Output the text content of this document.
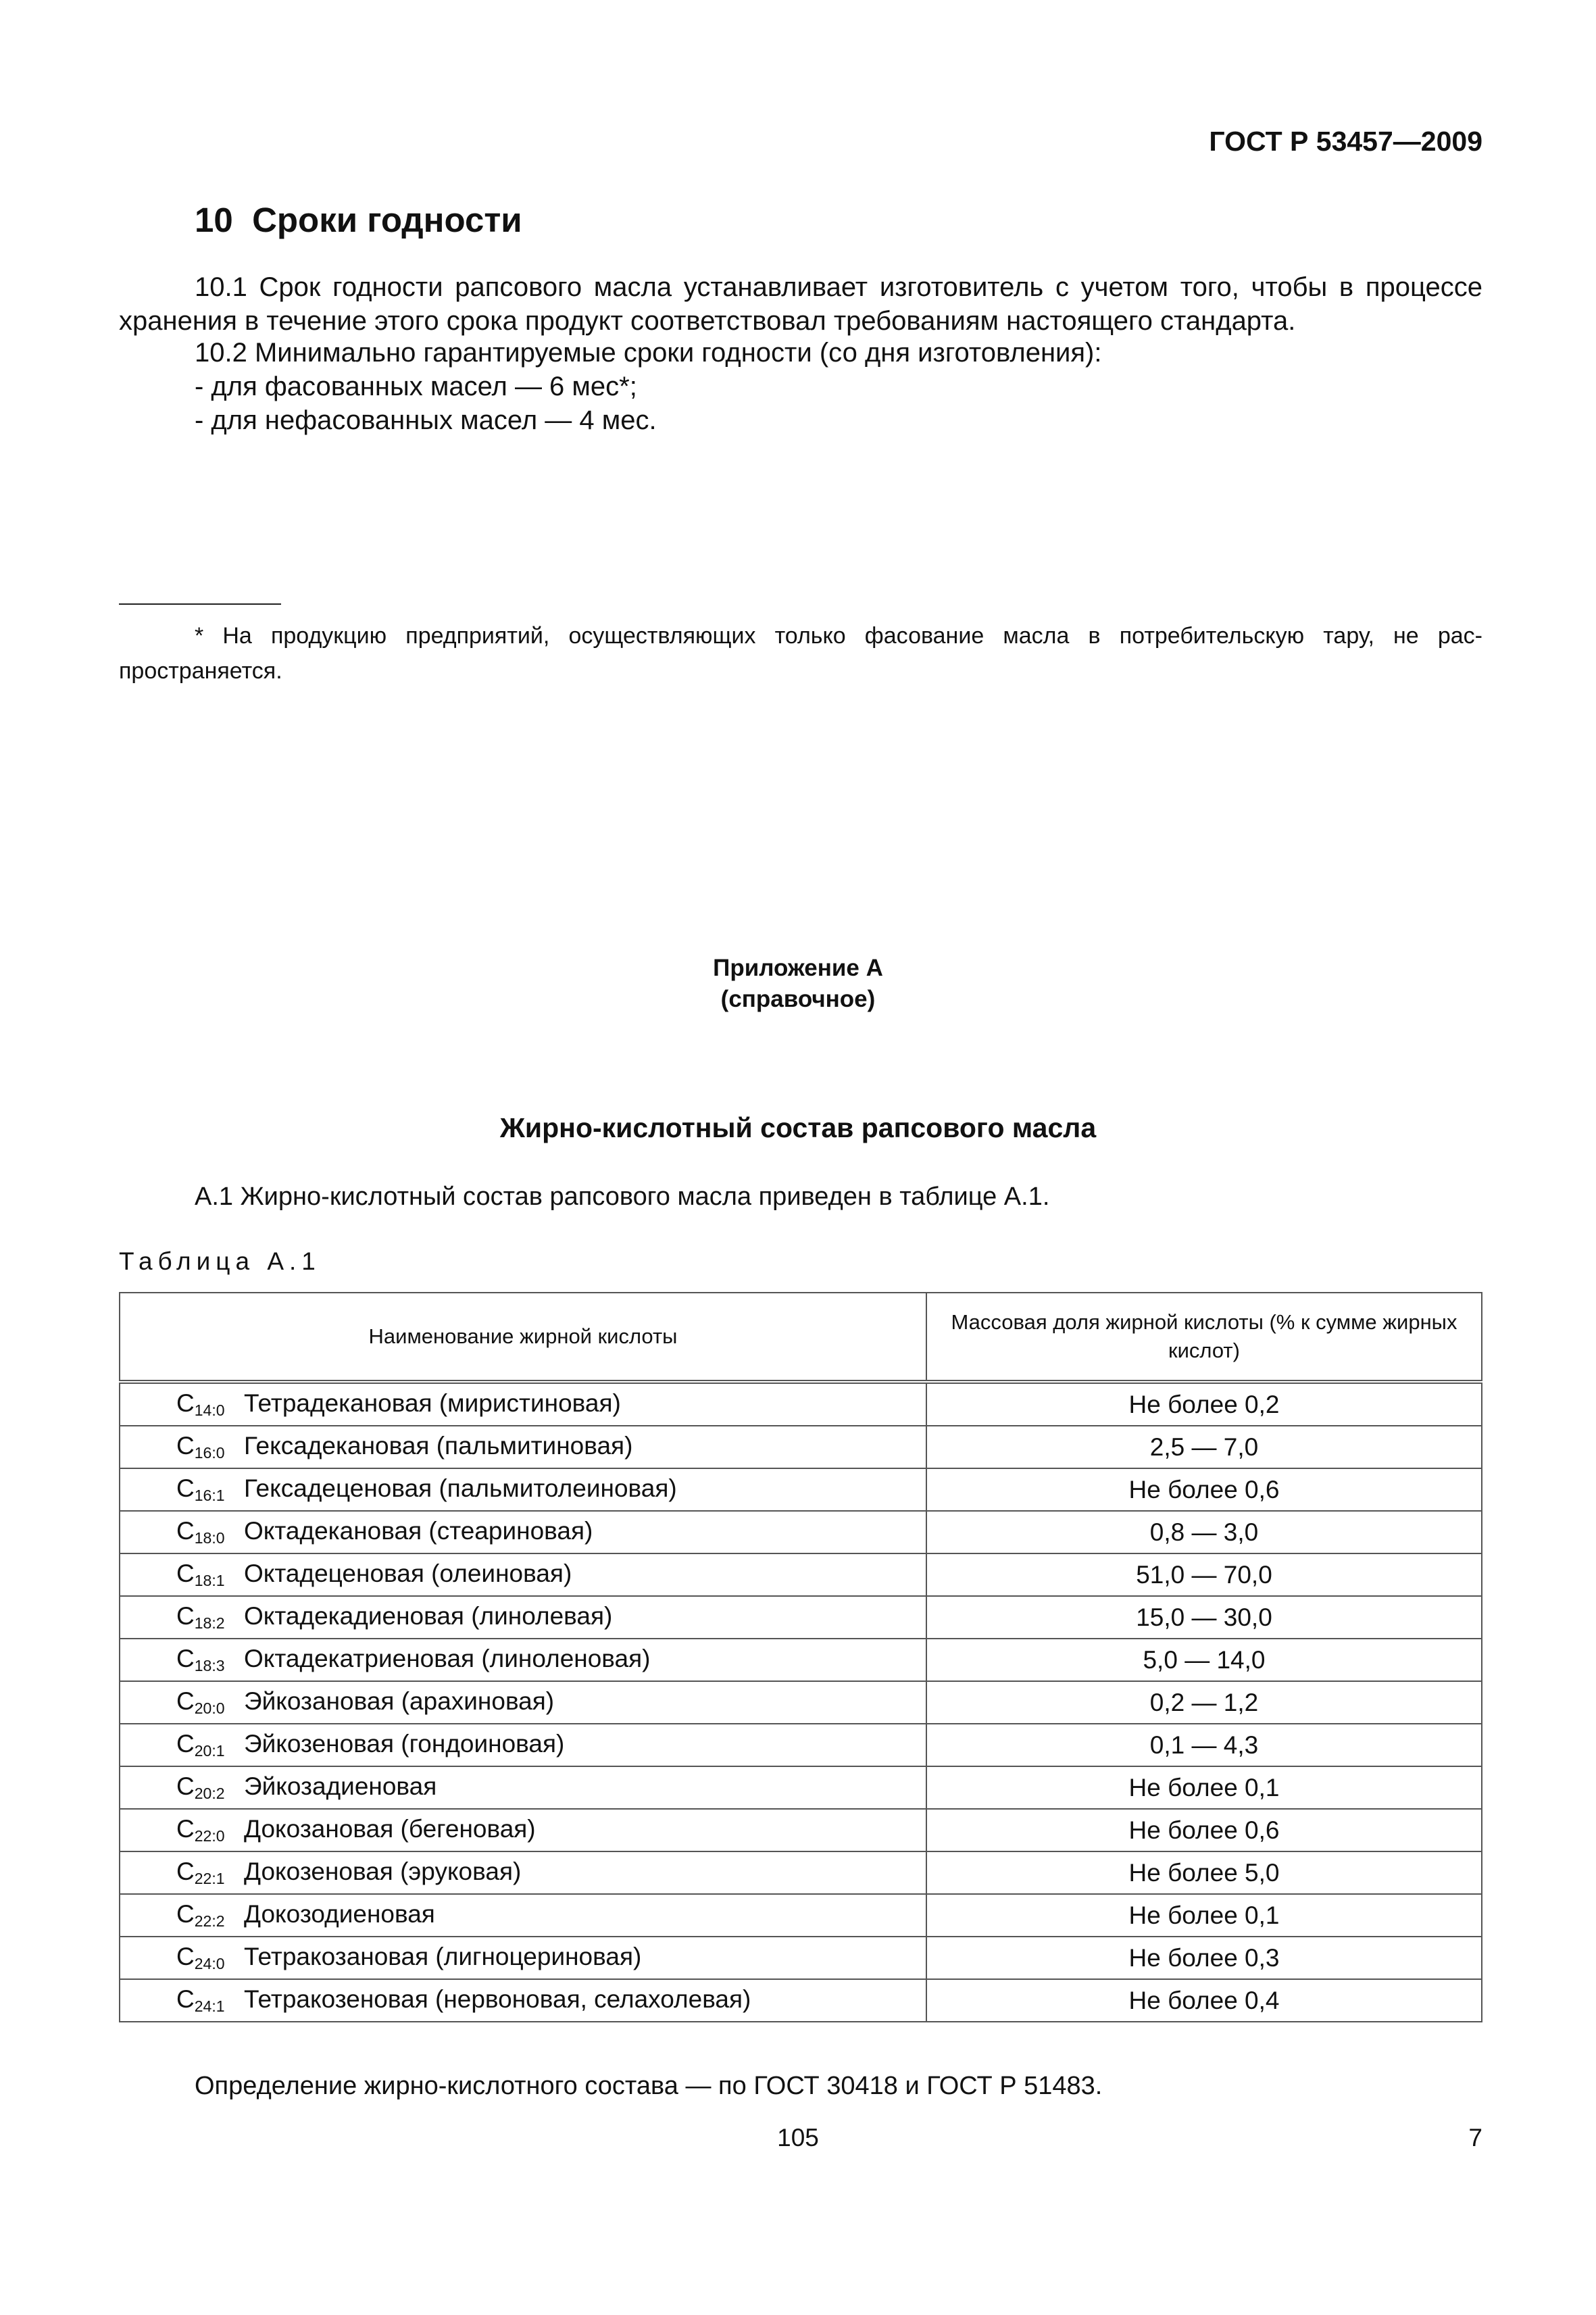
ГОСТ Р 53457—2009
10  Сроки годности
10.1 Срок годности рапсового масла устанавливает изготовитель с учетом того, чтобы в процессе
хранения в течение этого срока продукт соответствовал требованиям настоящего стандарта.
10.2 Минимально гарантируемые сроки годности (со дня изготовления):
- для фасованных масел — 6 мес*;
- для нефасованных масел — 4 мес.
* На продукцию предприятий, осуществляющих только фасование масла в потребительскую тару, не рас-
пространяется.
Приложение А
(справочное)
Жирно-кислотный состав рапсового масла
А.1 Жирно-кислотный состав рапсового масла приведен в таблице А.1.
Таблица А.1
Наименование жирной кислоты	Массовая доля жирной кислоты (% к сумме жирных кислот)
$C_{14:0}$ Тетрадекановая (миристиновая)	Не более 0,2
$C_{16:0}$ Гексадекановая (пальмитиновая)	2,5 — 7,0
$C_{16:1}$ Гексадеценовая (пальмитолеиновая)	Не более 0,6
$C_{18:0}$ Октадекановая (стеариновая)	0,8 — 3,0
$C_{18:1}$ Октадеценовая (олеиновая)	51,0 — 70,0
$C_{18:2}$ Октадекадиеновая (линолевая)	15,0 — 30,0
$C_{18:3}$ Октадекатриеновая (линоленовая)	5,0 — 14,0
$C_{20:0}$ Эйкозановая (арахиновая)	0,2 — 1,2
$C_{20:1}$ Эйкозеновая (гондоиновая)	0,1 — 4,3
$C_{20:2}$ Эйкозадиеновая	Не более 0,1
$C_{22:0}$ Докозановая (бегеновая)	Не более 0,6
$C_{22:1}$ Докозеновая (эруковая)	Не более 5,0
$C_{22:2}$ Докозодиеновая	Не более 0,1
$C_{24:0}$ Тетракозановая (лигноцериновая)	Не более 0,3
$C_{24:1}$ Тетракозеновая (нервоновая, селахолевая)	Не более 0,4
Определение жирно-кислотного состава — по ГОСТ 30418 и ГОСТ Р 51483.
105	7
